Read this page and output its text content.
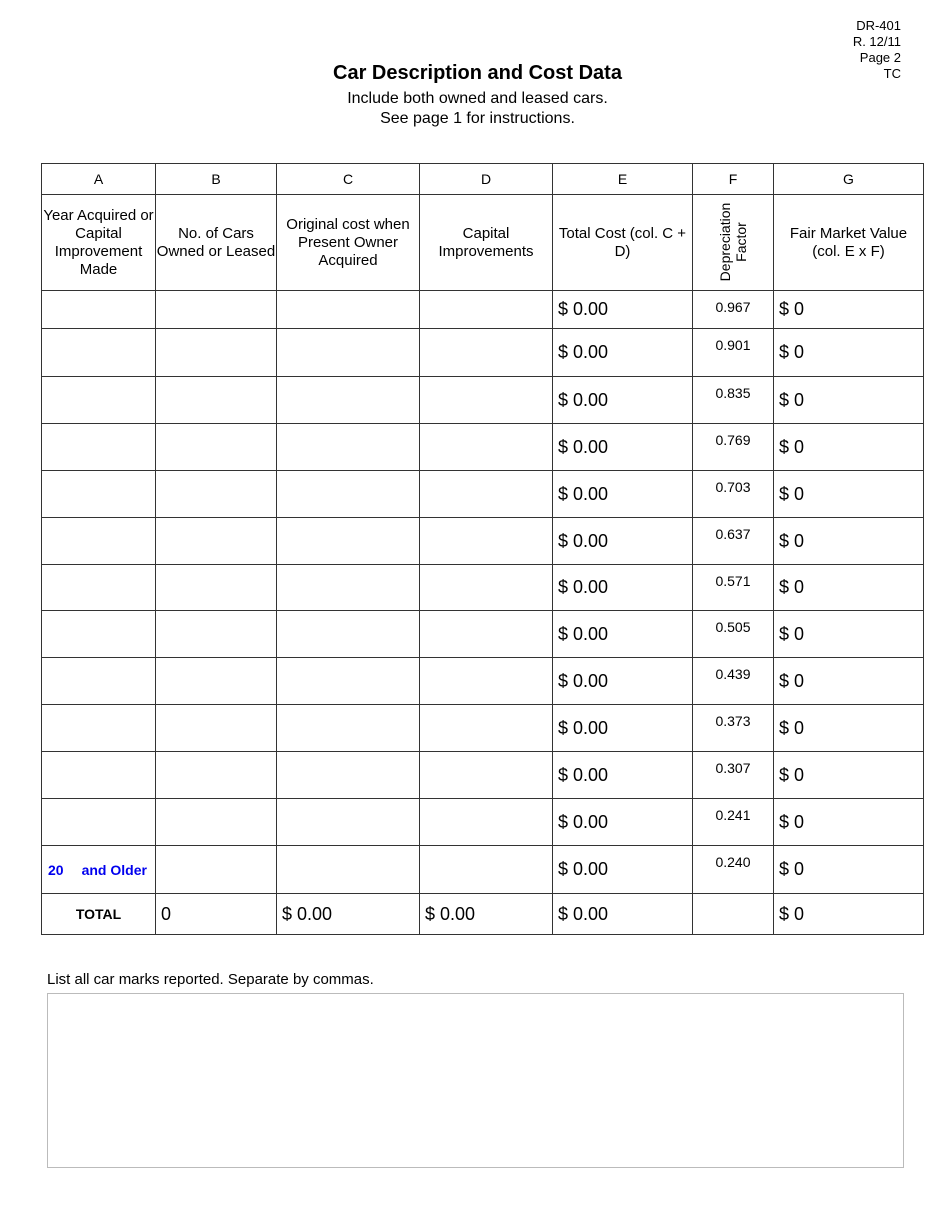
DR-401
R. 12/11
Page 2
TC
Car Description and Cost Data
Include both owned and leased cars.
See page 1 for instructions.
A	B	C	D	E	F	G
Year Acquired or Capital Improvement Made	No. of Cars Owned or Leased	Original cost when Present Owner Acquired	Capital Improvements	Total Cost (col. C + D)	Depreciation Factor	Fair Market Value (col. E x F)
				$ 0.00	0.967	$ 0
				$ 0.00	0.901	$ 0
				$ 0.00	0.835	$ 0
				$ 0.00	0.769	$ 0
				$ 0.00	0.703	$ 0
				$ 0.00	0.637	$ 0
				$ 0.00	0.571	$ 0
				$ 0.00	0.505	$ 0
				$ 0.00	0.439	$ 0
				$ 0.00	0.373	$ 0
				$ 0.00	0.307	$ 0
				$ 0.00	0.241	$ 0
20 and Older				$ 0.00	0.240	$ 0
TOTAL	0	$ 0.00	$ 0.00	$ 0.00		$ 0
List all car marks reported. Separate by commas.
